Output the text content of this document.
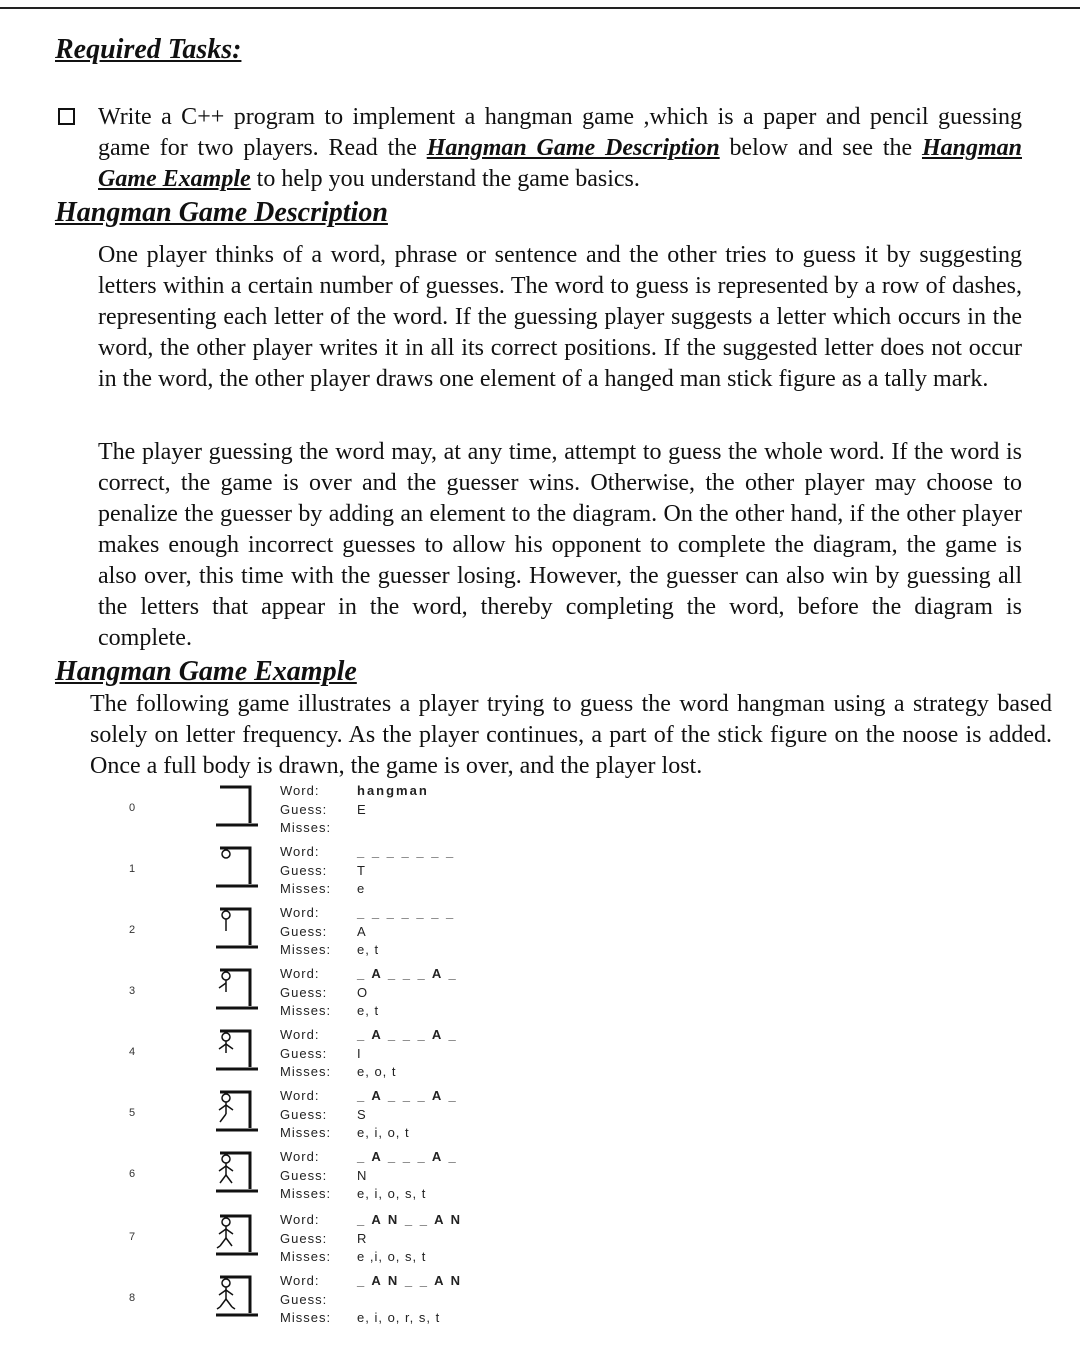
Required Tasks:
Write a C++ program to implement a hangman game ,which is a paper and pencil guessing game for two players. Read the Hangman Game Description below and see the Hangman Game Example to help you understand the game basics.
Hangman Game Description
One player thinks of a word, phrase or sentence and the other tries to guess it by suggesting letters within a certain number of guesses. The word to guess is represented by a row of dashes, representing each letter of the word. If the guessing player suggests a letter which occurs in the word, the other player writes it in all its correct positions. If the suggested letter does not occur in the word, the other player draws one element of a hanged man stick figure as a tally mark.
The player guessing the word may, at any time, attempt to guess the whole word. If the word is correct, the game is over and the guesser wins. Otherwise, the other player may choose to penalize the guesser by adding an element to the diagram. On the other hand, if the other player makes enough incorrect guesses to allow his opponent to complete the diagram, the game is also over, this time with the guesser losing. However, the guesser can also win by guessing all the letters that appear in the word, thereby completing the word, before the diagram is complete.
Hangman Game Example
The following game illustrates a player trying to guess the word hangman using a strategy based solely on letter frequency. As the player continues, a part of the stick figure on the noose is added. Once a full body is drawn, the game is over, and the player lost.
0
Word:	hangman
Guess: E
Misses:
1
Word:	_ _ _ _ _ _ _
Guess: T
Misses: e
2
Word:	_ _ _ _ _ _ _
Guess: A
Misses: e, t
3
Word:	_ A _ _ _ A _
Guess: O
Misses: e, t
4
Word:	_ A _ _ _ A _
Guess: I
Misses: e, o, t
5
Word:	_ A _ _ _ A _
Guess: S
Misses: e, i, o, t
6
Word:	_ A _ _ _ A _
Guess: N
Misses: e, i, o, s, t
7
Word:	_ A N _ _ A N
Guess: R
Misses: e ,i, o, s, t
8
Word:	_ A N _ _ A N
Guess:
Misses: e, i, o, r, s, t
